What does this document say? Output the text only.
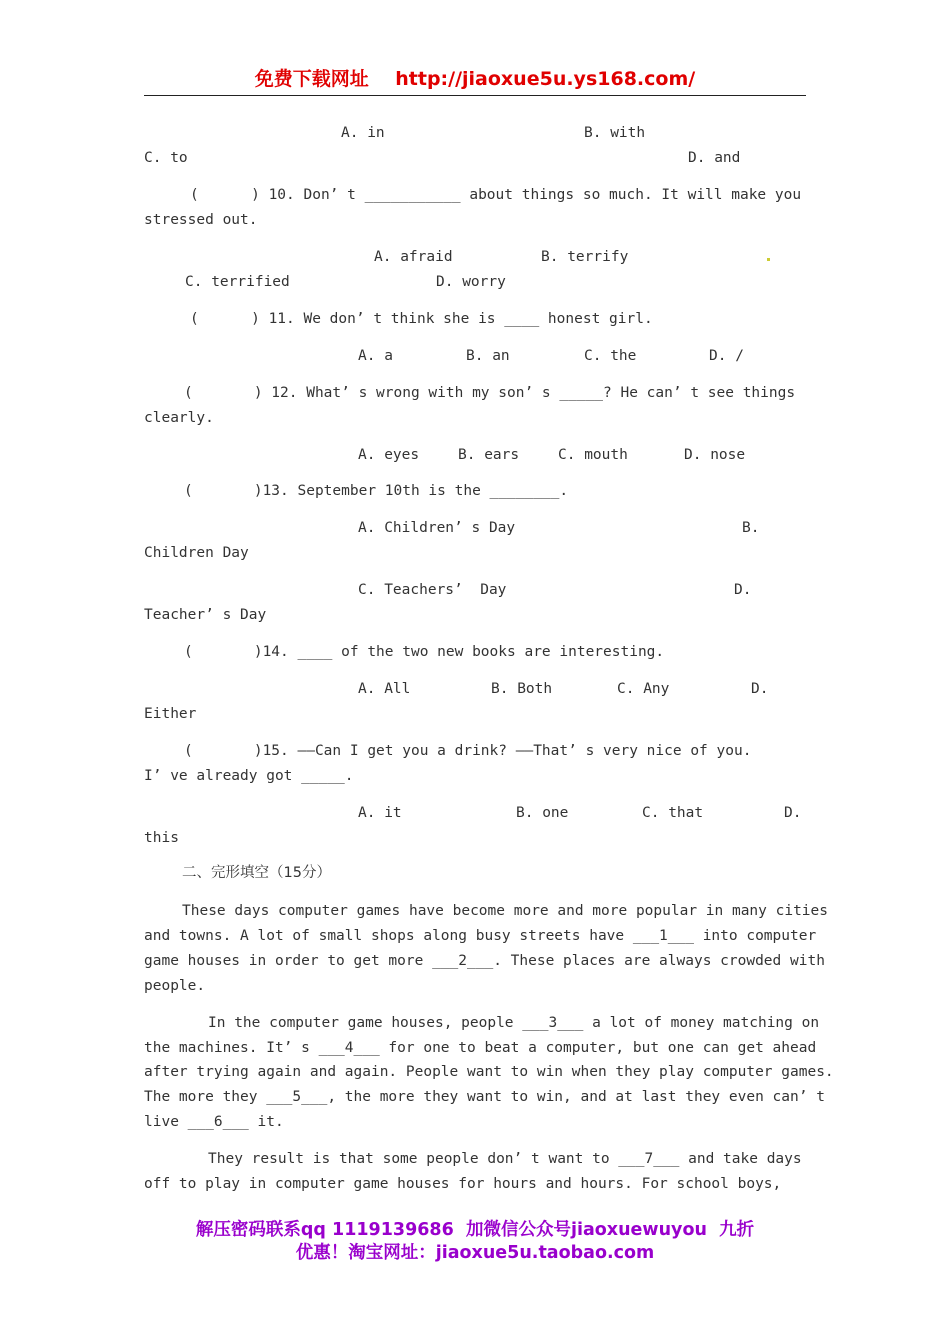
免费下载网址    http://jiaoxue5u.ys168.com/
A. in	B. with
C. to	D. and
(      ) 10. Don’ t ___________ about things so much. It will make you
stressed out.
A. afraid	B. terrify
C. terrified	D. worry
(      ) 11. We don’ t think she is ____ honest girl.
A. a	B. an	C. the	D. /
(       ) 12. What’ s wrong with my son’ s _____? He can’ t see things
clearly.
A. eyes	B. ears	C. mouth	D. nose
(       )13. September 10th is the ________.
A. Children’ s Day	B.
Children Day
C. Teachers’  Day	D.
Teacher’ s Day
(       )14. ____ of the two new books are interesting.
A. All	B. Both	C. Any	D.
Either
(       )15. ——Can I get you a drink? ——That’ s very nice of you.
I’ ve already got _____.
A. it	B. one	C. that	D.
this
二、完形填空（15分）
These days computer games have become more and more popular in many cities
and towns. A lot of small shops along busy streets have ___1___ into computer
game houses in order to get more ___2___. These places are always crowded with
people.
In the computer game houses, people ___3___ a lot of money matching on
the machines. It’ s ___4___ for one to beat a computer, but one can get ahead
after trying again and again. People want to win when they play computer games.
The more they ___5___, the more they want to win, and at last they even can’ t
live ___6___ it.
They result is that some people don’ t want to ___7___ and take days
off to play in computer game houses for hours and hours. For school boys,
解压密码联系qq 1119139686  加微信公众号jiaoxuewuyou  九折
优惠！淘宝网址：jiaoxue5u.taobao.com
